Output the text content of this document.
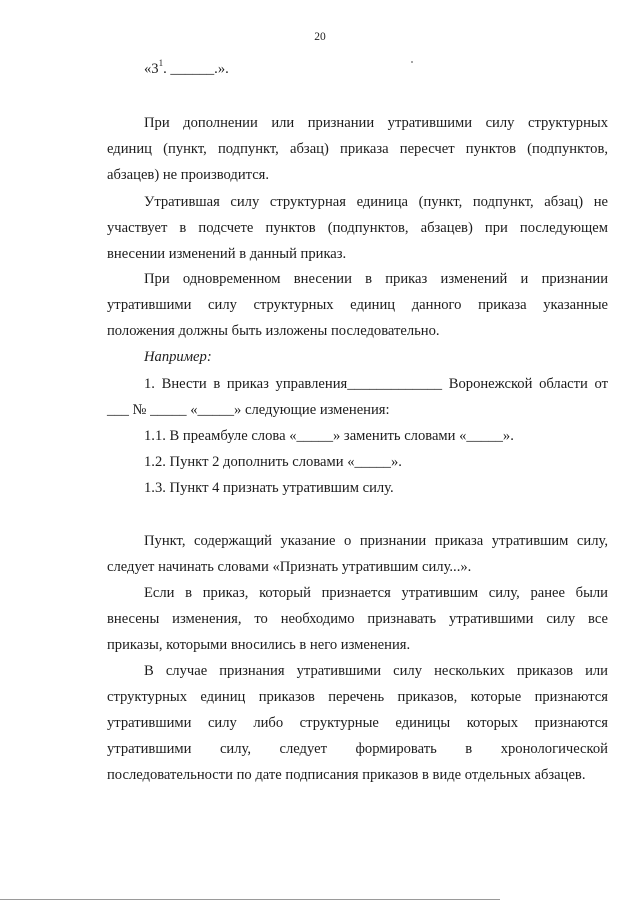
20
«$3^1$. ______.».
При дополнении или признании утратившими силу структурных
единиц (пункт, подпункт, абзац) приказа пересчет пунктов (подпунктов,
абзацев) не производится.
Утратившая силу структурная единица (пункт, подпункт, абзац) не
участвует в подсчете пунктов (подпунктов, абзацев) при последующем
внесении изменений в данный приказ.
При одновременном внесении в приказ изменений и признании
утратившими силу структурных единиц данного приказа указанные
положения должны быть изложены последовательно.
Например:
1. Внести в приказ управления_____________ Воронежской области от
___ № _____ «_____» следующие изменения:
1.1. В преамбуле слова «_____» заменить словами «_____».
1.2. Пункт 2 дополнить словами «_____».
1.3. Пункт 4 признать утратившим силу.
Пункт, содержащий указание о признании приказа утратившим силу,
следует начинать словами «Признать утратившим силу...».
Если в приказ, который признается утратившим силу, ранее были
внесены изменения, то необходимо признавать утратившими силу все
приказы, которыми вносились в него изменения.
В случае признания утратившими силу нескольких приказов или
структурных единиц приказов перечень приказов, которые признаются
утратившими силу либо структурные единицы которых признаются
утратившими силу, следует формировать в хронологической
последовательности по дате подписания приказов в виде отдельных абзацев.
